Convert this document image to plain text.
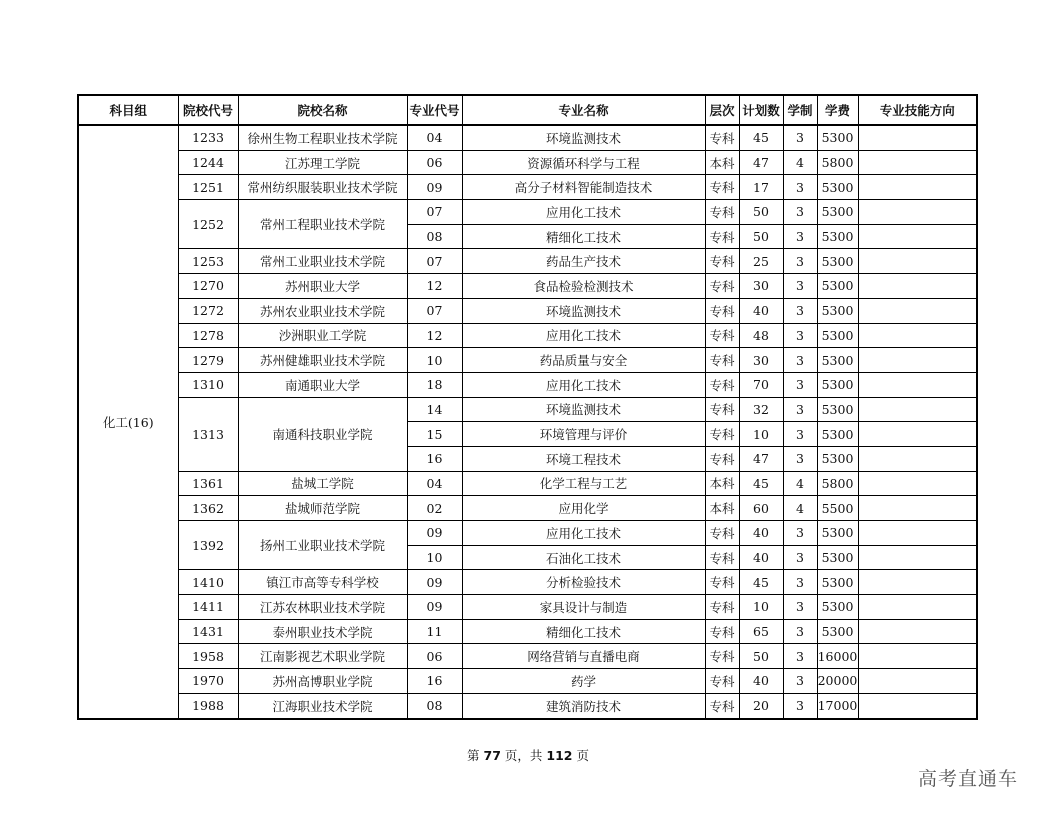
科目组	院校代号	院校名称	专业代号	专业名称	层次	计划数	学制	学费	专业技能方向
化工(16)	1233	徐州生物工程职业技术学院	04	环境监测技术	专科	45	3	5300	
	1244	江苏理工学院	06	资源循环科学与工程	本科	47	4	5800	
	1251	常州纺织服装职业技术学院	09	高分子材料智能制造技术	专科	17	3	5300	
	1252	常州工程职业技术学院	07	应用化工技术	专科	50	3	5300	
			08	精细化工技术	专科	50	3	5300	
	1253	常州工业职业技术学院	07	药品生产技术	专科	25	3	5300	
	1270	苏州职业大学	12	食品检验检测技术	专科	30	3	5300	
	1272	苏州农业职业技术学院	07	环境监测技术	专科	40	3	5300	
	1278	沙洲职业工学院	12	应用化工技术	专科	48	3	5300	
	1279	苏州健雄职业技术学院	10	药品质量与安全	专科	30	3	5300	
	1310	南通职业大学	18	应用化工技术	专科	70	3	5300	
	1313	南通科技职业学院	14	环境监测技术	专科	32	3	5300	
			15	环境管理与评价	专科	10	3	5300	
			16	环境工程技术	专科	47	3	5300	
	1361	盐城工学院	04	化学工程与工艺	本科	45	4	5800	
	1362	盐城师范学院	02	应用化学	本科	60	4	5500	
	1392	扬州工业职业技术学院	09	应用化工技术	专科	40	3	5300	
			10	石油化工技术	专科	40	3	5300	
	1410	镇江市高等专科学校	09	分析检验技术	专科	45	3	5300	
	1411	江苏农林职业技术学院	09	家具设计与制造	专科	10	3	5300	
	1431	泰州职业技术学院	11	精细化工技术	专科	65	3	5300	
	1958	江南影视艺术职业学院	06	网络营销与直播电商	专科	50	3	16000	
	1970	苏州高博职业学院	16	药学	专科	40	3	20000	
	1988	江海职业技术学院	08	建筑消防技术	专科	20	3	17000	
第 77 页，共 112 页
高考直通车
